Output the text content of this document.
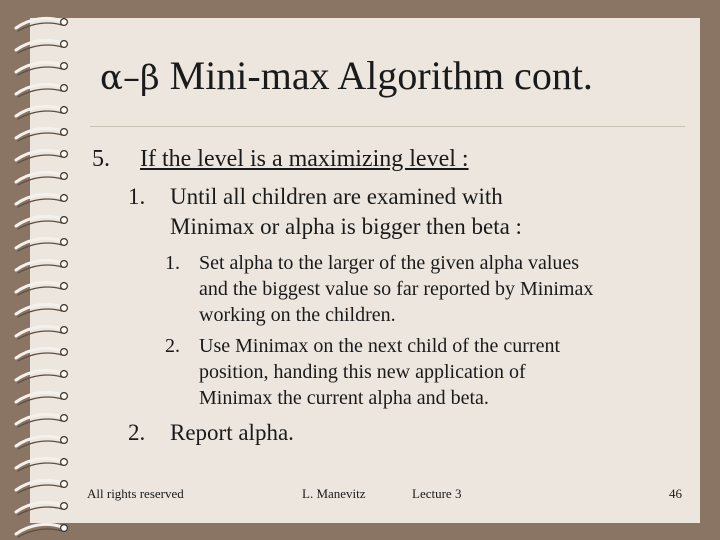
α–β Mini-max Algorithm cont.
5. If the level is a maximizing level :
1. Until all children are examined with
Minimax or alpha is bigger then beta :
1. Set alpha to the larger of the given alpha values
and the biggest value so far reported by Minimax
working on the children.
2. Use Minimax on the next child of the current
position, handing this new application of
Minimax the current alpha and beta.
2. Report alpha.
All rights reserved	L. Manevitz	Lecture 3	46
